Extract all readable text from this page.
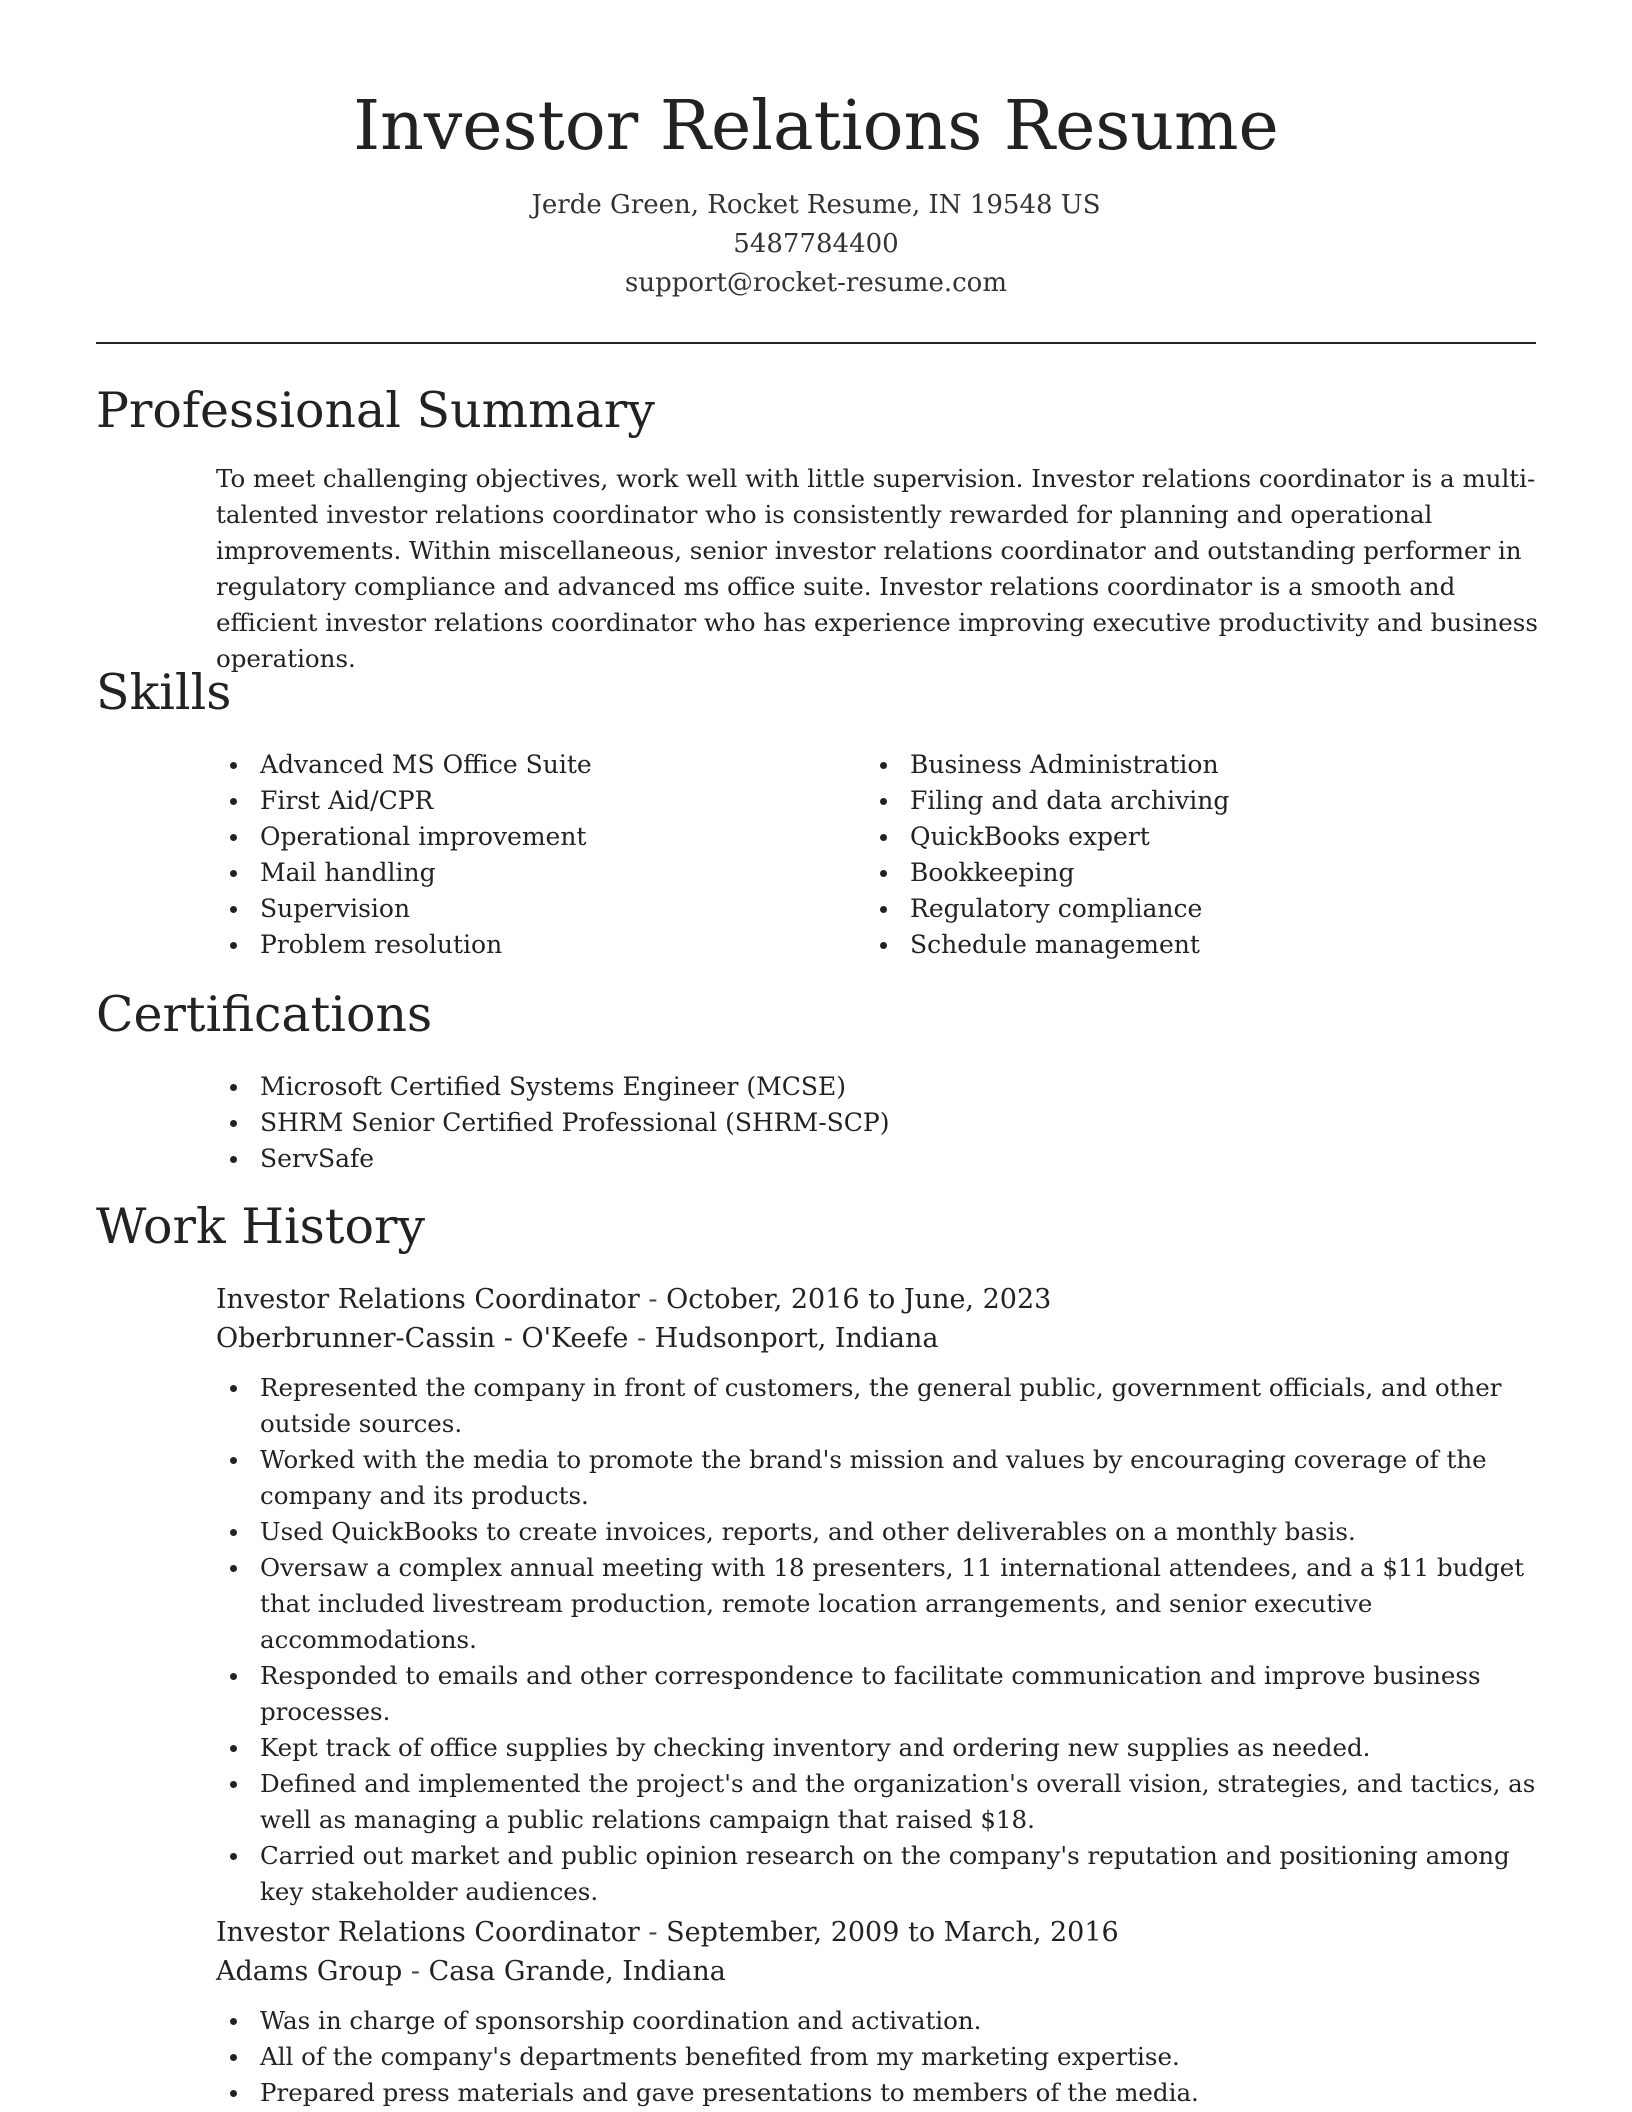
Investor Relations Resume
Jerde Green, Rocket Resume, IN 19548 US
5487784400
support@rocket-resume.com
Professional Summary

To meet challenging objectives, work well with little supervision. Investor relations coordinator is a multi-talented investor relations coordinator who is consistently rewarded for planning and operational improvements. Within miscellaneous, senior investor relations coordinator and outstanding performer in regulatory compliance and advanced ms office suite. Investor relations coordinator is a smooth and efficient investor relations coordinator who has experience improving executive productivity and business operations.

Skills
Advanced MS Office Suite
First Aid/CPR
Operational improvement
Mail handling
Supervision
Problem resolution
Business Administration
Filing and data archiving
QuickBooks expert
Bookkeeping
Regulatory compliance
Schedule management
Certifications
Microsoft Certified Systems Engineer (MCSE)
SHRM Senior Certified Professional (SHRM-SCP)
ServSafe
Work History
Investor Relations Coordinator - October, 2016 to June, 2023
Oberbrunner-Cassin - O'Keefe - Hudsonport, Indiana
Represented the company in front of customers, the general public, government officials, and other outside sources.
Worked with the media to promote the brand's mission and values by encouraging coverage of the company and its products.
Used QuickBooks to create invoices, reports, and other deliverables on a monthly basis.
Oversaw a complex annual meeting with 18 presenters, 11 international attendees, and a $11 budget that included livestream production, remote location arrangements, and senior executive accommodations.
Responded to emails and other correspondence to facilitate communication and improve business processes.
Kept track of office supplies by checking inventory and ordering new supplies as needed.
Defined and implemented the project's and the organization's overall vision, strategies, and tactics, as well as managing a public relations campaign that raised $18.
Carried out market and public opinion research on the company's reputation and positioning among key stakeholder audiences.
Investor Relations Coordinator - September, 2009 to March, 2016
Adams Group - Casa Grande, Indiana
Was in charge of sponsorship coordination and activation.
All of the company's departments benefited from my marketing expertise.
Prepared press materials and gave presentations to members of the media.
